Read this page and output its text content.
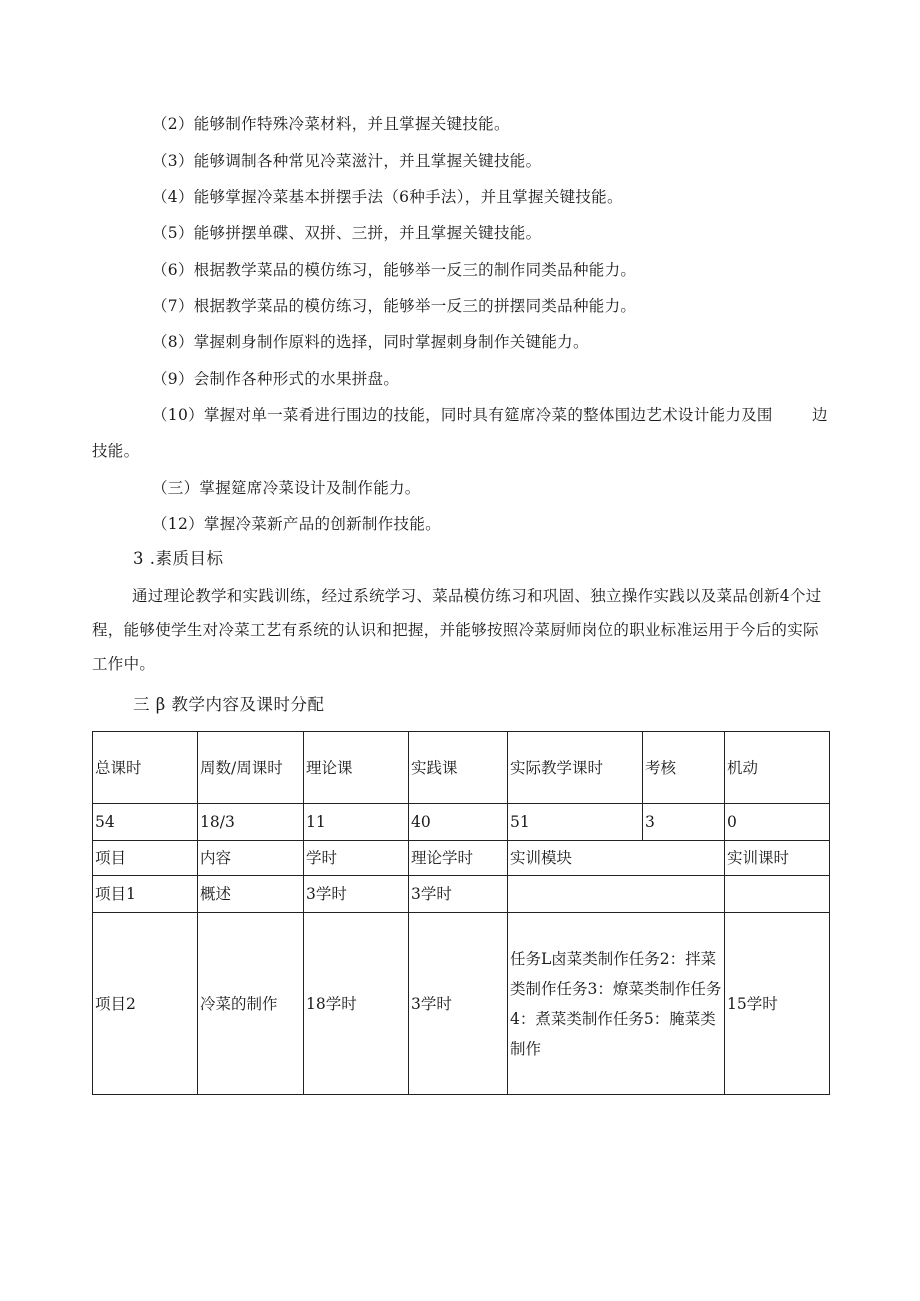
（2）能够制作特殊冷菜材料，并且掌握关键技能。
（3）能够调制各种常见冷菜滋汁，并且掌握关键技能。
（4）能够掌握冷菜基本拼摆手法（6种手法），并且掌握关键技能。
（5）能够拼摆单碟、双拼、三拼，并且掌握关键技能。
（6）根据教学菜品的模仿练习，能够举一反三的制作同类品种能力。
（7）根据教学菜品的模仿练习，能够举一反三的拼摆同类品种能力。
（8）掌握刺身制作原料的选择，同时掌握刺身制作关键能力。
（9）会制作各种形式的水果拼盘。
（10）掌握对单一菜肴进行围边的技能，同时具有筵席冷菜的整体围边艺术设计能力及围	边
技能。
（三）掌握筵席冷菜设计及制作能力。
（12）掌握冷菜新产品的创新制作技能。
3 .素质目标
通过理论教学和实践训练，经过系统学习、菜品模仿练习和巩固、独立操作实践以及菜品创新4个过程，能够使学生对冷菜工艺有系统的认识和把握，并能够按照冷菜厨师岗位的职业标准运用于今后的实际工作中。
三 β 教学内容及课时分配
总课时	周数/周课时	理论课	实践课	实际教学课时	考核	机动
54	18/3	11	40	51	3	0
项目	内容	学时	理论学时	实训模块		实训课时
项目1	概述	3学时	3学时			
项目2	冷菜的制作	18学时	3学时	任务L卤菜类制作任务2：拌菜类制作任务3：燎菜类制作任务4：煮菜类制作任务5：腌菜类制作		15学时
